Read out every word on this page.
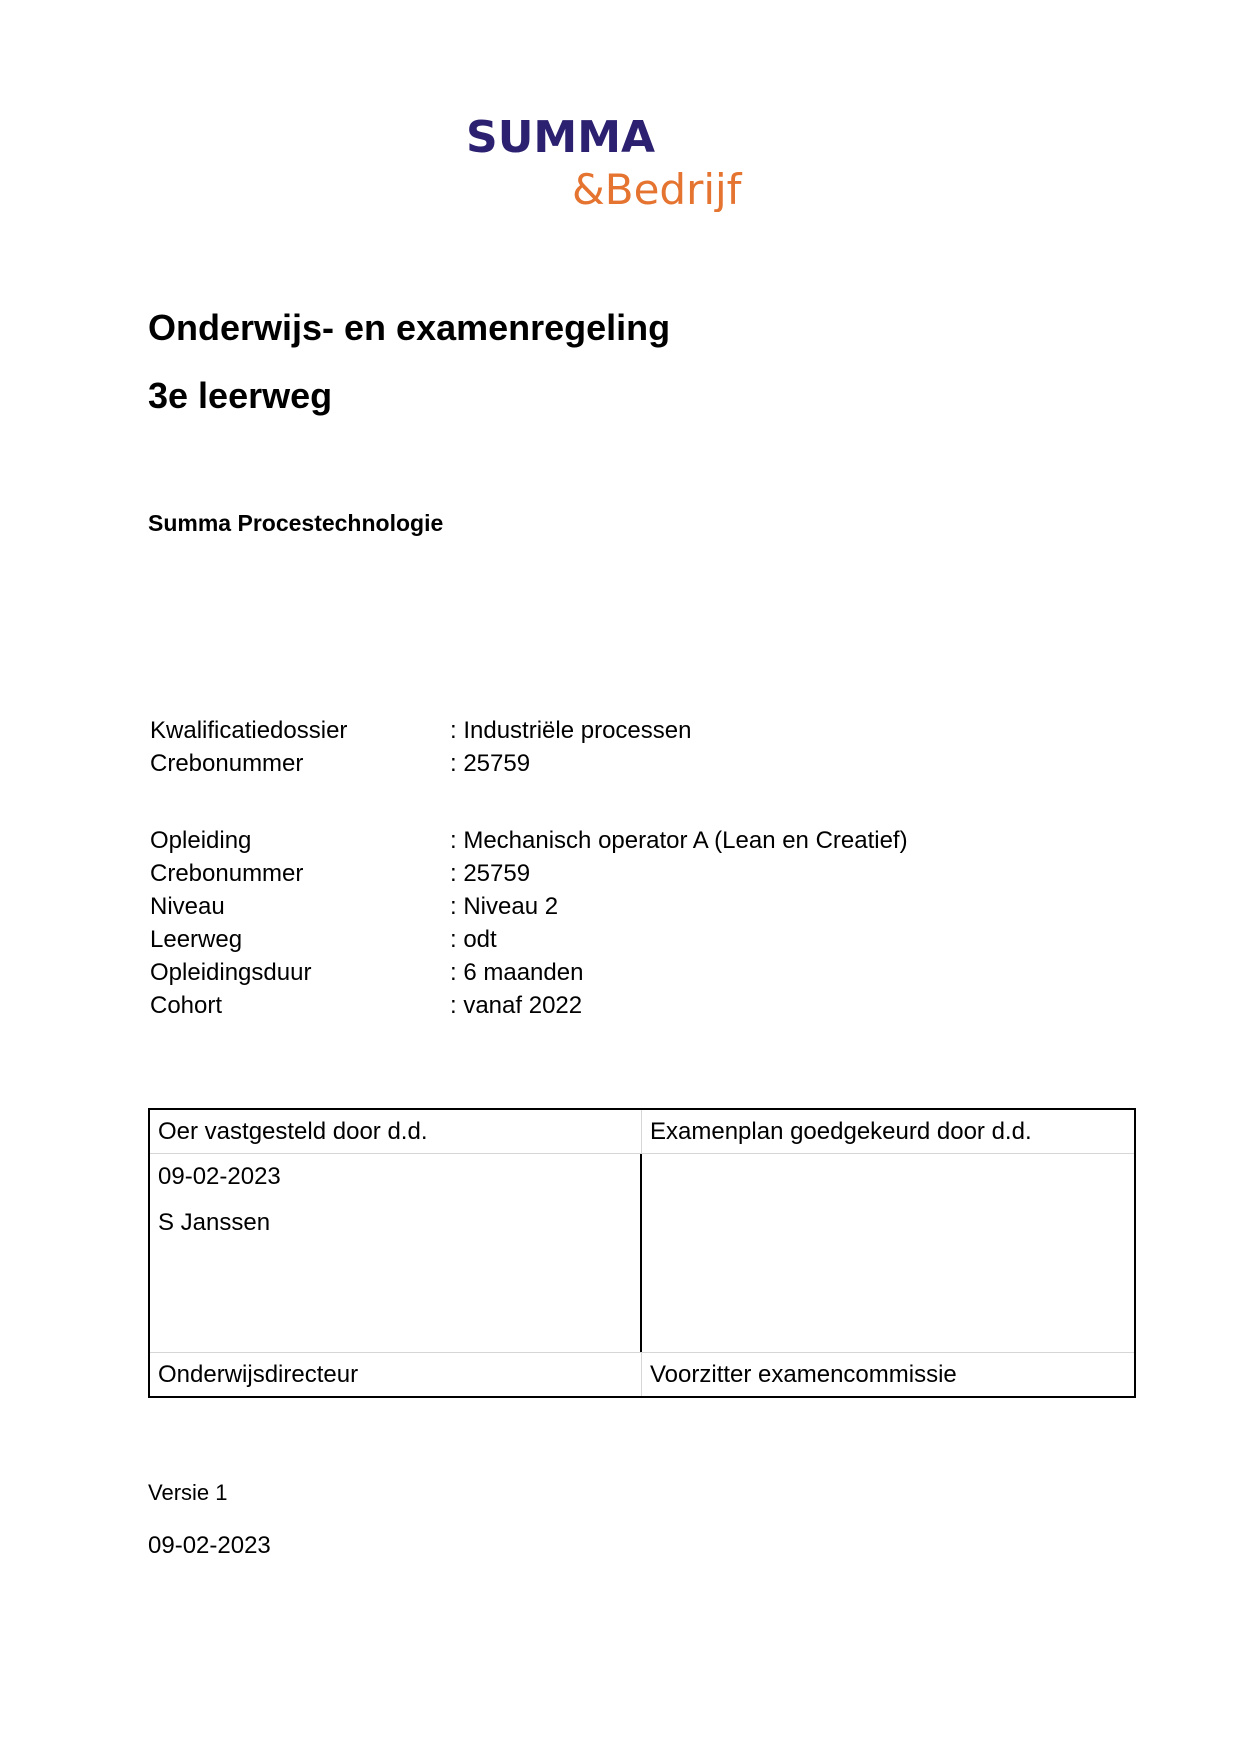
SUMMA
&Bedrijf
Onderwijs- en examenregeling
3e leerweg
Summa Procestechnologie
Kwalificatiedossier	: Industriële processen
Crebonummer	: 25759
Opleiding	: Mechanisch operator A (Lean en Creatief)
Crebonummer	: 25759
Niveau	: Niveau 2
Leerweg	: odt
Opleidingsduur	: 6 maanden
Cohort	: vanaf 2022
Oer vastgesteld door d.d.	Examenplan goedgekeurd door d.d.
09-02-2023
S Janssen
Onderwijsdirecteur	Voorzitter examencommissie
Versie 1
09-02-2023
